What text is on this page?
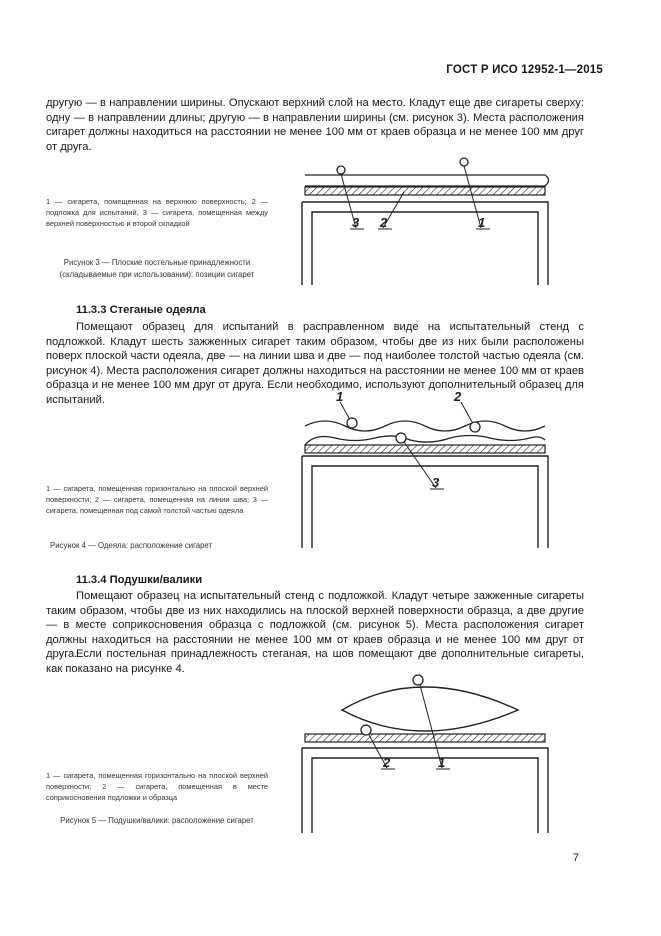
ГОСТ Р ИСО 12952-1—2015
другую — в направлении ширины. Опускают верхний слой на место. Кладут еще две сигареты сверху: одну — в направлении длины; другую — в направлении ширины (см. рисунок 3). Места расположения сигарет должны находиться на расстоянии не менее 100 мм от краев образца и не менее 100 мм друг от друга.
1 — сигарета, помещенная на верхнюю поверхность; 2 — подложка для испытаний, 3 — сигарета, помещенная между верхней поверхностью и второй складкой
Рисунок 3 — Плоские постельные принадлежности (складываемые при использовании): позиции сигарет
3 2	1
11.3.3 Стеганые одеяла
Помещают образец для испытаний в расправленном виде на испытательный стенд с подложкой. Кладут шесть зажженных сигарет таким образом, чтобы две из них были расположены поверх плоской части одеяла, две — на линии шва и две — под наиболее толстой частью одеяла (см. рисунок 4). Места расположения сигарет должны находиться на расстоянии не менее 100 мм от краев образца и не менее 100 мм друг от друга. Если необходимо, используют дополнительный образец для испытаний.
1 — сигарета, помещенная горизонтально на плоской верхней поверхности; 2 — сигарета, помещенная на линии шва; 3 — сигарета, помещенная под самой толстой частью одеяла
Рисунок 4 — Одеяла: расположение сигарет
1	2
3
11.3.4 Подушки/валики
Помещают образец на испытательный стенд с подложкой. Кладут четыре зажженные сигареты таким образом, чтобы две из них находились на плоской верхней поверхности образца, а две другие — в месте соприкосновения образца с подложкой (см. рисунок 5). Места расположения сигарет должны находиться на расстоянии не менее 100 мм от краев образца и не менее 100 мм друг от друга.
Если постельная принадлежность стеганая, на шов помещают две дополнительные сигареты, как показано на рисунке 4.
1 — сигарета, помещенная горизонтально на плоской верхней поверхности; 2 — сигарета, помещенная в месте соприкосновения подложки и образца
Рисунок 5 — Подушки/валики: расположение сигарет
2	1
7
